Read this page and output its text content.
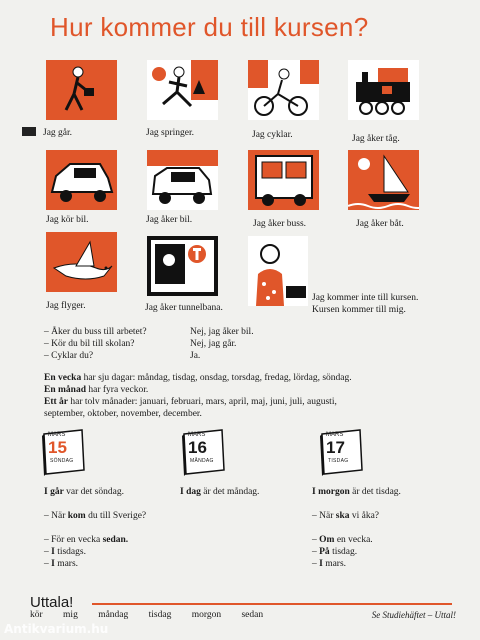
Hur kommer du till kursen?
Jag går.	Jag springer.	Jag cyklar.	Jag åker tåg.
Jag kör bil.	Jag åker bil.	Jag åker buss.	Jag åker båt.
Jag flyger.	Jag åker tunnelbana.
Jag kommer inte till kursen.
Kursen kommer till mig.
– Åker du buss till arbetet?
– Kör du bil till skolan?
– Cyklar du?
Nej, jag åker bil.
Nej, jag går.
Ja.
En vecka har sju dagar: måndag, tisdag, onsdag, torsdag, fredag, lördag, söndag.
En månad har fyra veckor.
Ett år har tolv månader: januari, februari, mars, april, maj, juni, juli, augusti,
september, oktober, november, december.
MARS
15
SÖNDAG
MARS
16
MÅNDAG
MARS
17
TISDAG

I går var det söndag.

– När kom du till Sverige?

– För en vecka sedan.

– I tisdags.

– I mars.

I dag är det måndag.	I morgon är det tisdag.

– När ska vi åka?

– Om en vecka.

– På tisdag.

– I mars.

Uttala!
kör mig måndag tisdag morgon sedan	Se Studiehäftet – Uttal!
Antikvarium.hu
